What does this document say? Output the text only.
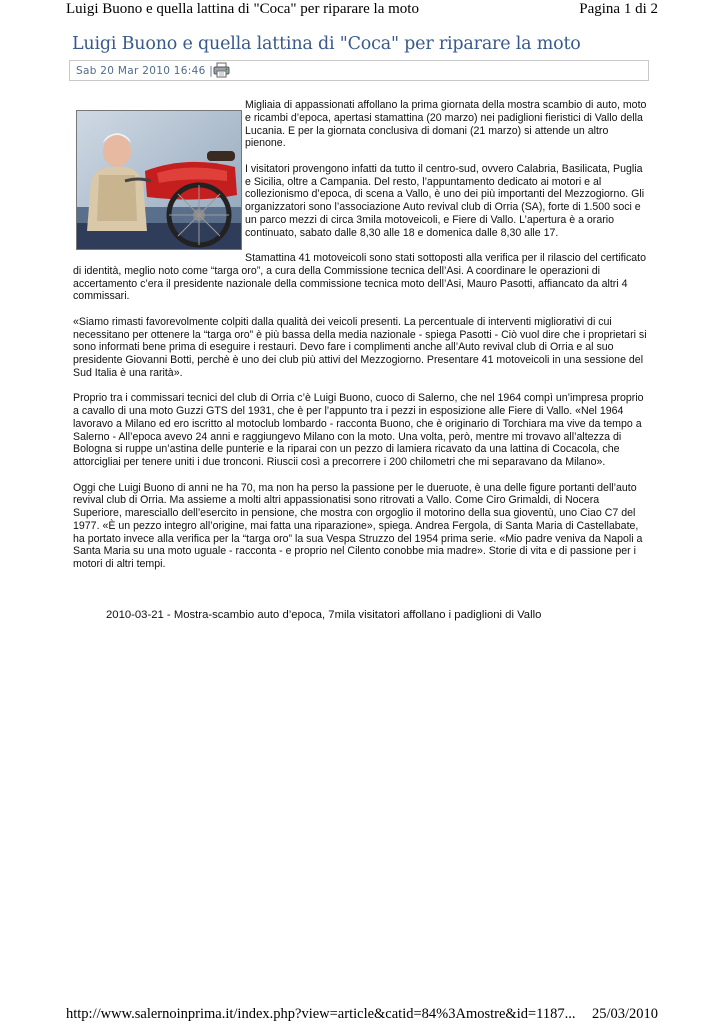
Luigi Buono e quella lattina di "Coca" per riparare la moto	Pagina 1 di 2
Luigi Buono e quella lattina di "Coca" per riparare la moto
Sab 20 Mar 2010 16:46 |

Migliaia di appassionati affollano la prima giornata della mostra scambio di auto, moto e ricambi d’epoca, apertasi stamattina (20 marzo) nei padiglioni fieristici di Vallo della Lucania. E per la giornata conclusiva di domani (21 marzo) si attende un altro pienone.

I visitatori provengono infatti da tutto il centro-sud, ovvero Calabria, Basilicata, Puglia e Sicilia, oltre a Campania. Del resto, l’appuntamento dedicato ai motori e al collezionismo d’epoca, di scena a Vallo, è uno dei più importanti del Mezzogiorno. Gli organizzatori sono l’associazione Auto revival club di Orria (SA), forte di 1.500 soci e un parco mezzi di circa 3mila motoveicoli, e Fiere di Vallo. L’apertura è a orario continuato, sabato dalle 8,30 alle 18 e domenica dalle 8,30 alle 17.

Stamattina 41 motoveicoli sono stati sottoposti alla verifica per il rilascio del certificato di identità, meglio noto come “targa oro”, a cura della Commissione tecnica dell’Asi. A coordinare le operazioni di accertamento c’era il presidente nazionale della commissione tecnica moto dell’Asi, Mauro Pasotti, affiancato da altri 4 commissari.

«Siamo rimasti favorevolmente colpiti dalla qualità dei veicoli presenti. La percentuale di interventi migliorativi di cui necessitano per ottenere la “targa oro” è più bassa della media nazionale - spiega Pasotti - Ciò vuol dire che i proprietari si sono informati bene prima di eseguire i restauri. Devo fare i complimenti anche all’Auto revival club di Orria e al suo presidente Giovanni Botti, perchè è uno dei club più attivi del Mezzogiorno. Presentare 41 motoveicoli in una sessione del Sud Italia è una rarità».

Proprio tra i commissari tecnici del club di Orria c’è Luigi Buono, cuoco di Salerno, che nel 1964 compì un’impresa proprio a cavallo di una moto Guzzi GTS del 1931, che è per l’appunto tra i pezzi in esposizione alle Fiere di Vallo. «Nel 1964 lavoravo a Milano ed ero iscritto al motoclub lombardo - racconta Buono, che è originario di Torchiara ma vive da tempo a Salerno - All’epoca avevo 24 anni e raggiungevo Milano con la moto. Una volta, però, mentre mi trovavo all’altezza di Bologna si ruppe un’astina delle punterie e la riparai con un pezzo di lamiera ricavato da una lattina di Cocacola, che attorcigliai per tenere uniti i due tronconi. Riuscii così a precorrere i 200 chilometri che mi separavano da Milano».

Oggi che Luigi Buono di anni ne ha 70, ma non ha perso la passione per le dueruote, è una delle figure portanti dell’auto revival club di Orria. Ma assieme a molti altri appassionatisi sono ritrovati a Vallo. Come Ciro Grimaldi, di Nocera Superiore, maresciallo dell’esercito in pensione, che mostra con orgoglio il motorino della sua gioventù, uno Ciao C7 del 1977. «È un pezzo integro all’origine, mai fatta una riparazione», spiega. Andrea Fergola, di Santa Maria di Castellabate, ha portato invece alla verifica per la “targa oro” la sua Vespa Struzzo del 1954 prima serie. «Mio padre veniva da Napoli a Santa Maria su una moto uguale - racconta - e proprio nel Cilento conobbe mia madre». Storie di vita e di passione per i motori di altri tempi.

2010-03-21 - Mostra-scambio auto d’epoca, 7mila visitatori affollano i padiglioni di Vallo
http://www.salernoinprima.it/index.php?view=article&catid=84%3Amostre&id=1187... 25/03/2010
